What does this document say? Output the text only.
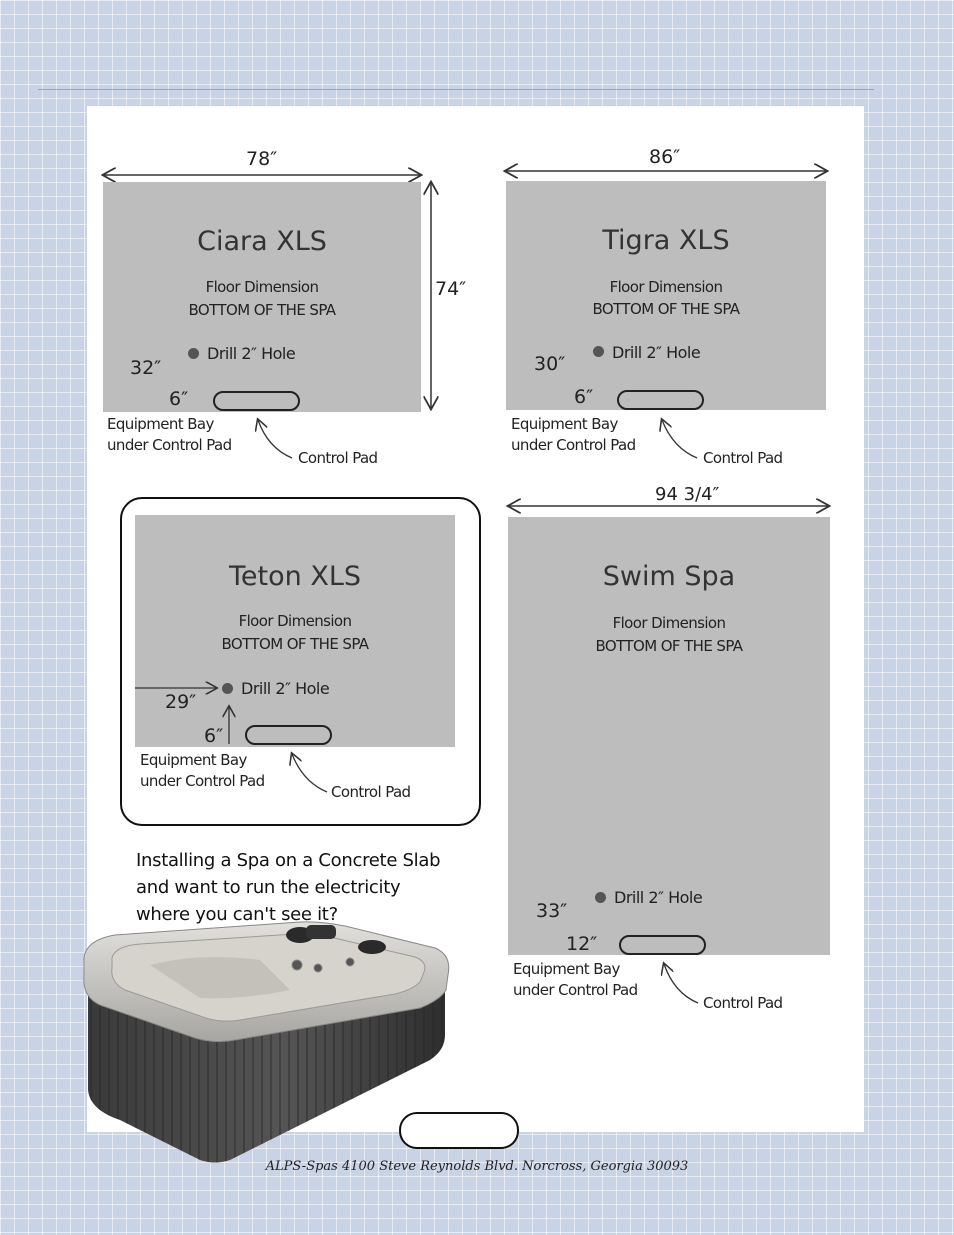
Ciara XLS
Floor Dimension
BOTTOM OF THE SPA
Drill 2″ Hole
32″
6″
78″
74″
Equipment Bay
under Control Pad
Control Pad
Tigra XLS
Floor Dimension
BOTTOM OF THE SPA
Drill 2″ Hole
30″
6″
86″
Equipment Bay
under Control Pad
Control Pad
Teton XLS
Floor Dimension
BOTTOM OF THE SPA
Drill 2″ Hole
29″
6″
Equipment Bay
under Control Pad
Control Pad
Swim Spa
Floor Dimension
BOTTOM OF THE SPA
Drill 2″ Hole
33″
12″
94 3/4″
Equipment Bay
under Control Pad
Control Pad
Installing a Spa on a Concrete Slab
and want to run the electricity
where you can't see it?
ALPS-Spas 4100 Steve Reynolds Blvd. Norcross, Georgia 30093
